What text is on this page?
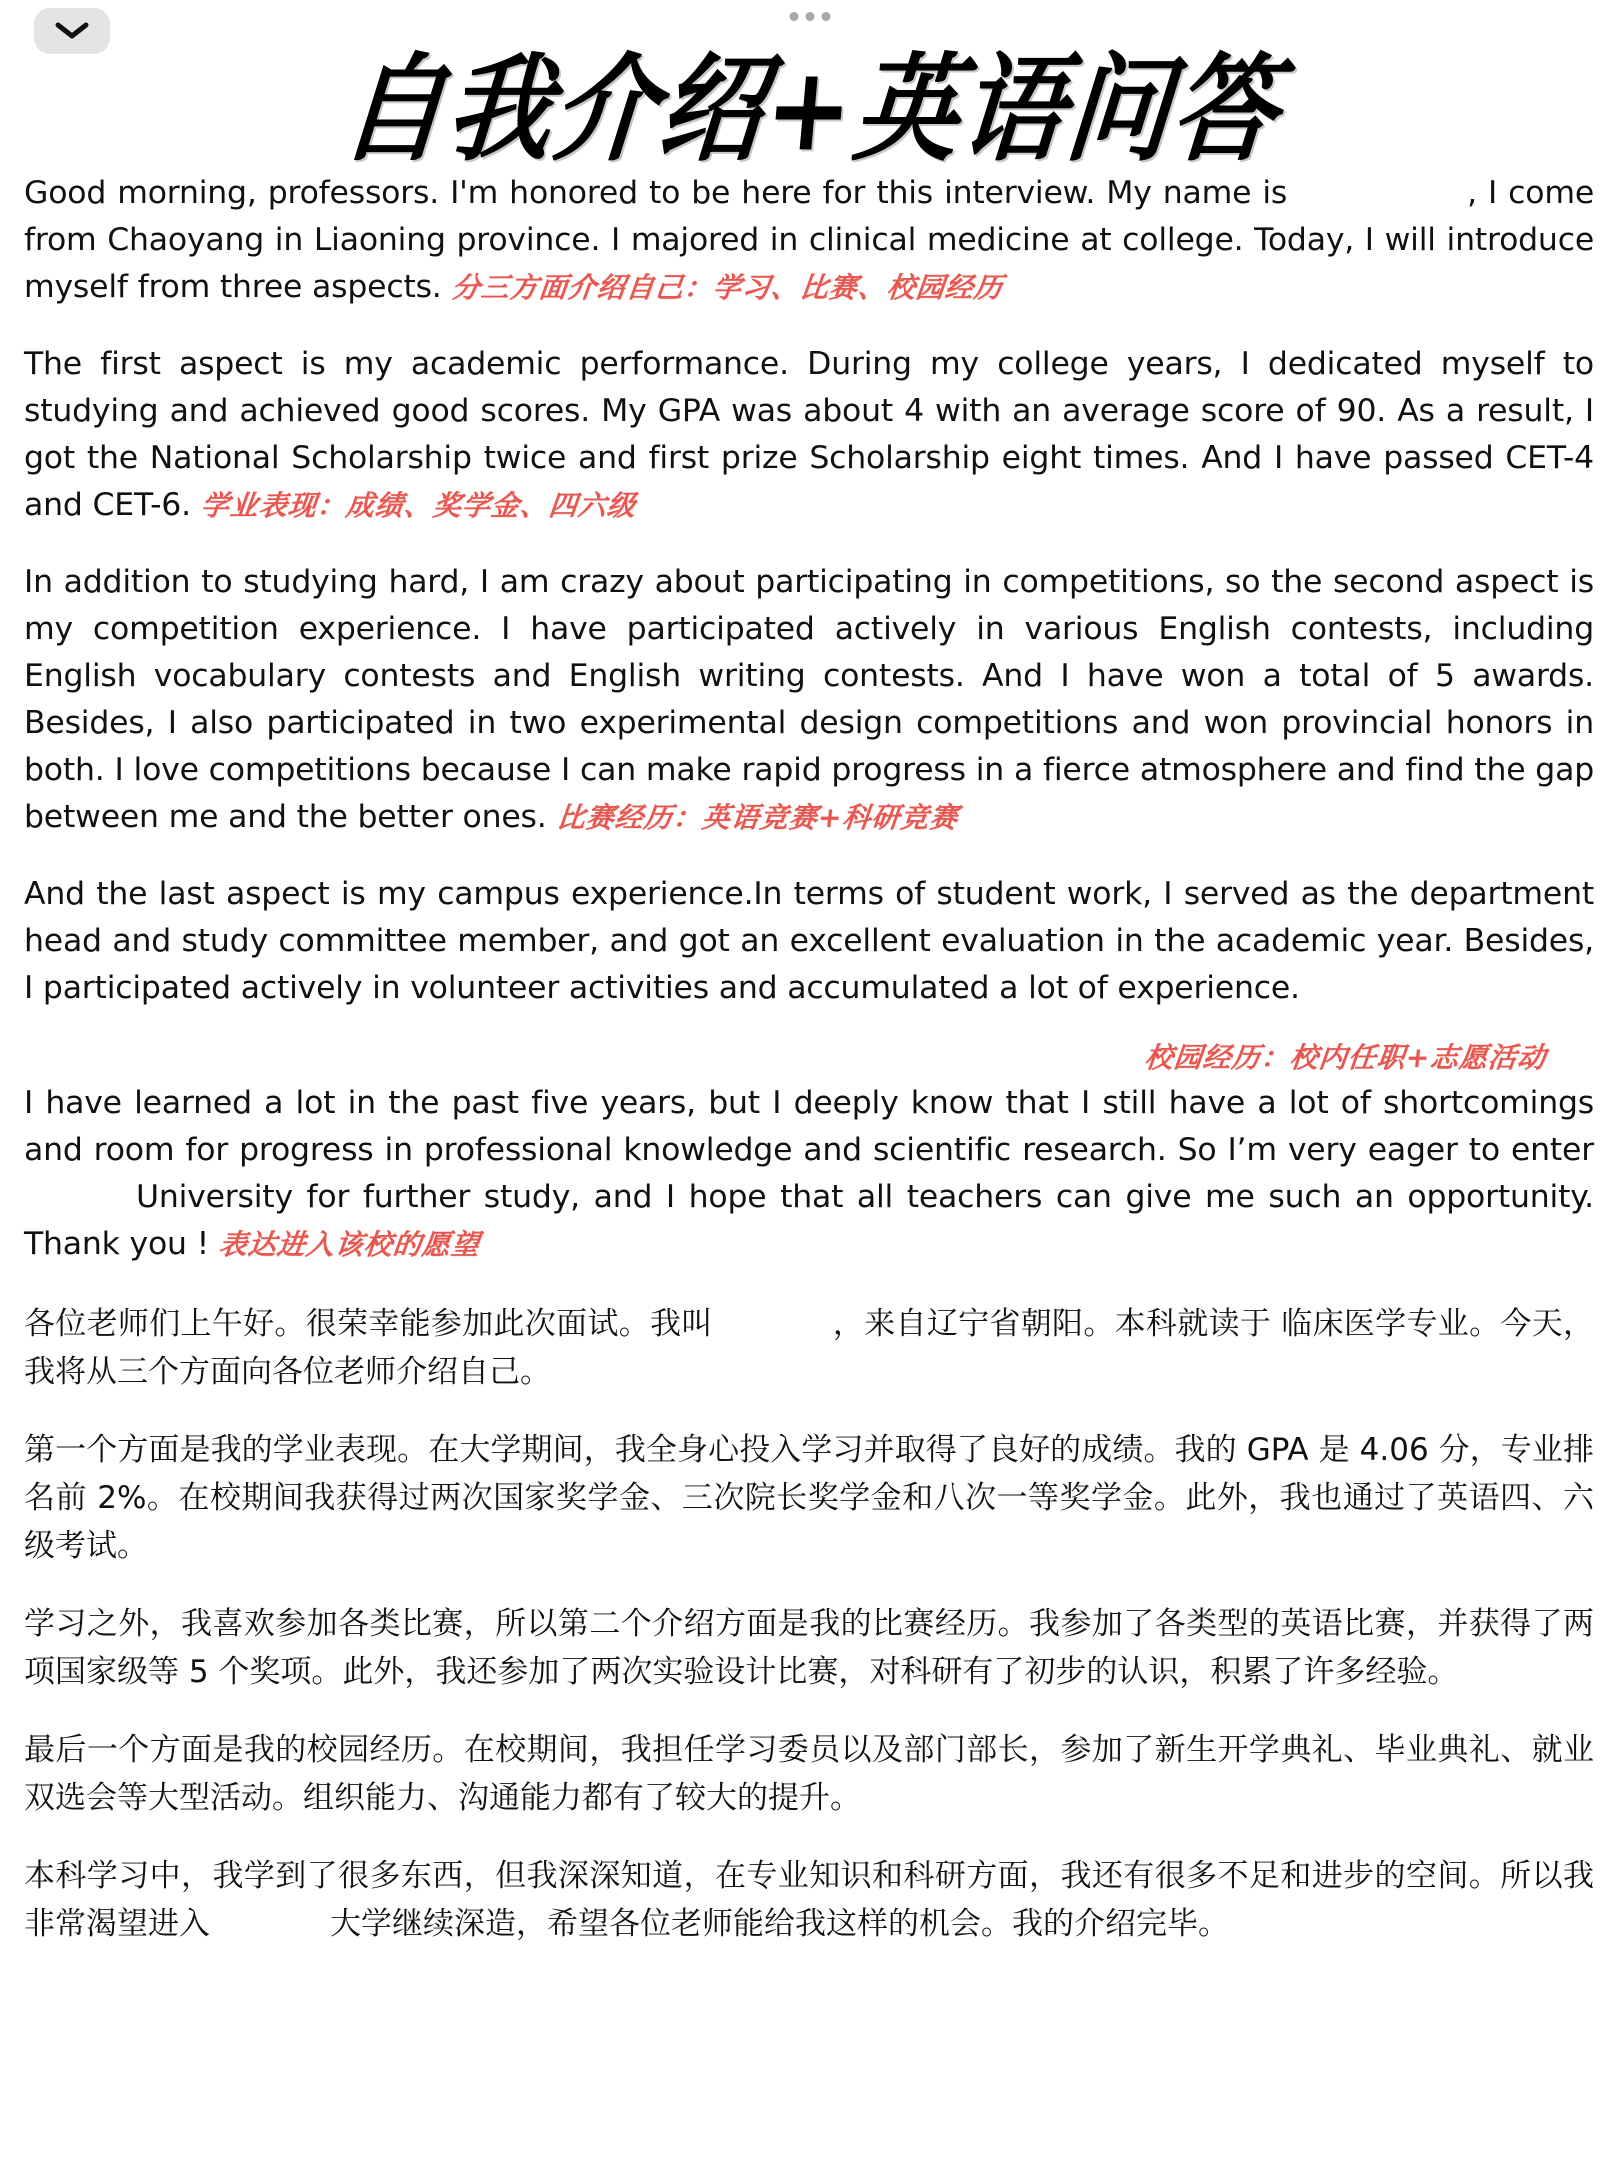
自我介绍+英语问答

Good morning, professors. I'm honored to be here for this interview. My name is	, I come from Chaoyang in Liaoning province. I majored in clinical medicine at college. Today, I will introduce myself from three aspects. 分三方面介绍自己：学习、比赛、校园经历

The first aspect is my academic performance. During my college years, I dedicated myself to studying and achieved good scores. My GPA was about 4 with an average score of 90. As a result, I got the National Scholarship twice and first prize Scholarship eight times. And I have passed CET-4 and CET-6. 学业表现：成绩、奖学金、四六级

In addition to studying hard, I am crazy about participating in competitions, so the second aspect is my competition experience. I have participated actively in various English contests, including English vocabulary contests and English writing contests. And I have won a total of 5 awards. Besides, I also participated in two experimental design competitions and won provincial honors in both. I love competitions because I can make rapid progress in a fierce atmosphere and find the gap between me and the better ones. 比赛经历：英语竞赛+科研竞赛

And the last aspect is my campus experience.In terms of student work, I served as the department head and study committee member, and got an excellent evaluation in the academic year. Besides, I participated actively in volunteer activities and accumulated a lot of experience.

校园经历：校内任职+志愿活动

I have learned a lot in the past five years, but I deeply know that I still have a lot of shortcomings and room for progress in professional knowledge and scientific research. So I’m very eager to enterUniversity for further study, and I hope that all teachers can give me such an opportunity. Thank you ! 表达进入该校的愿望

各位老师们上午好。很荣幸能参加此次面试。我叫	，来自辽宁省朝阳。本科就读于 临床医学专业。今天，我将从三个方面向各位老师介绍自己。

第一个方面是我的学业表现。在大学期间，我全身心投入学习并取得了良好的成绩。我的 GPA 是 4.06 分，专业排名前 2%。在校期间我获得过两次国家奖学金、三次院长奖学金和八次一等奖学金。此外，我也通过了英语四、六级考试。

学习之外，我喜欢参加各类比赛，所以第二个介绍方面是我的比赛经历。我参加了各类型的英语比赛，并获得了两项国家级等 5 个奖项。此外，我还参加了两次实验设计比赛，对科研有了初步的认识，积累了许多经验。

最后一个方面是我的校园经历。在校期间，我担任学习委员以及部门部长，参加了新生开学典礼、毕业典礼、就业双选会等大型活动。组织能力、沟通能力都有了较大的提升。

本科学习中，我学到了很多东西，但我深深知道，在专业知识和科研方面，我还有很多不足和进步的空间。所以我非常渴望进入	大学继续深造，希望各位老师能给我这样的机会。我的介绍完毕。
